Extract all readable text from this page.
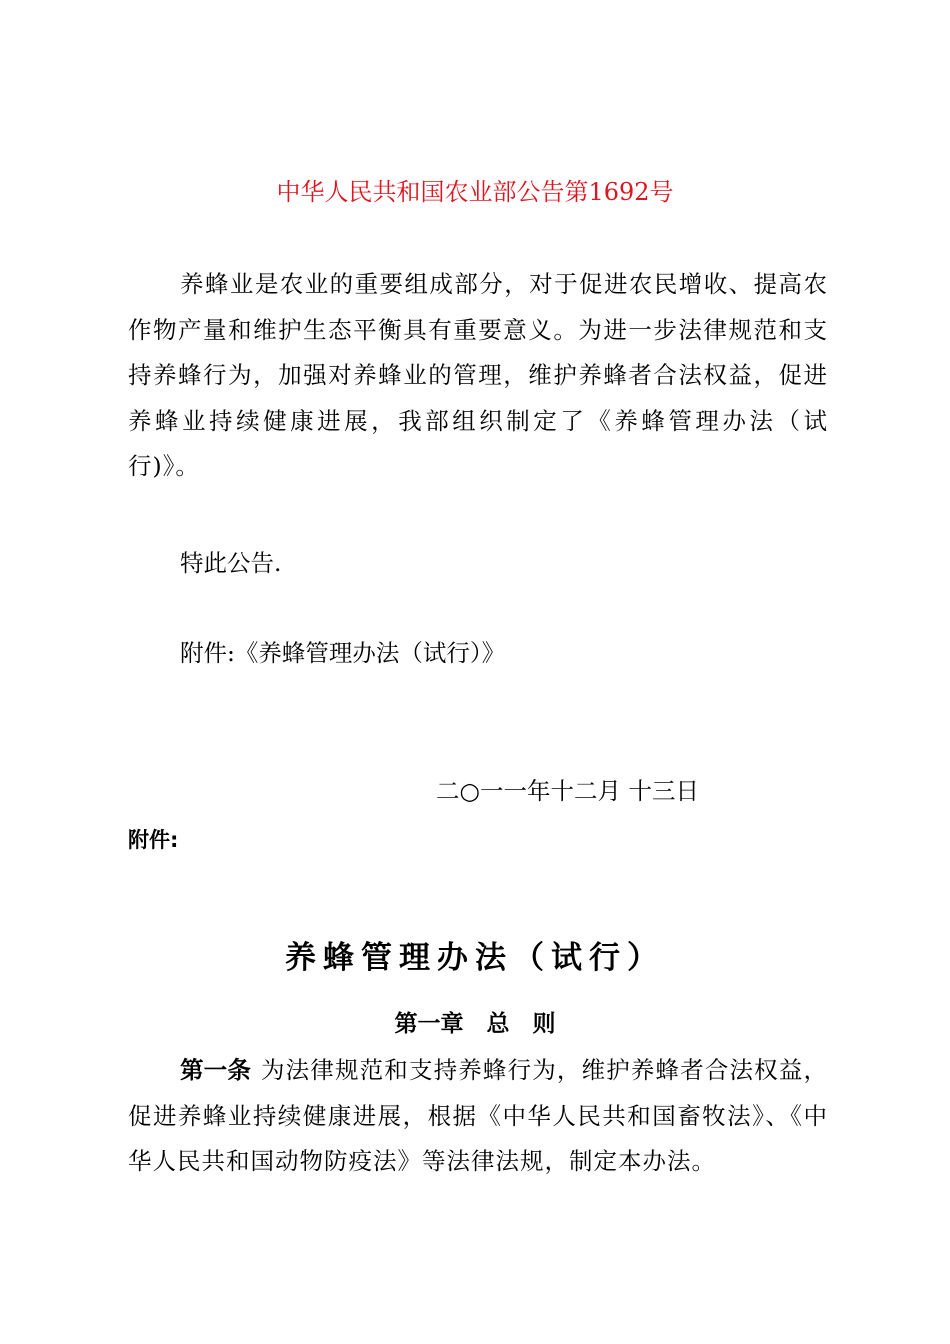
中华人民共和国农业部公告第1692号

养蜂业是农业的重要组成部分，对于促进农民增收、提高农作物产量和维护生态平衡具有重要意义。为进一步法律规范和支持养蜂行为，加强对养蜂业的管理，维护养蜂者合法权益，促进养蜂业持续健康进展，我部组织制定了《养蜂管理办法（试行)》。

特此公告.
附件:《养蜂管理办法（试行）》
二○一一年十二月 十三日
附件:
养蜂管理办法（试行）
第一章　总　则

第一条 为法律规范和支持养蜂行为，维护养蜂者合法权益，促进养蜂业持续健康进展，根据《中华人民共和国畜牧法》、《中华人民共和国动物防疫法》等法律法规，制定本办法。
